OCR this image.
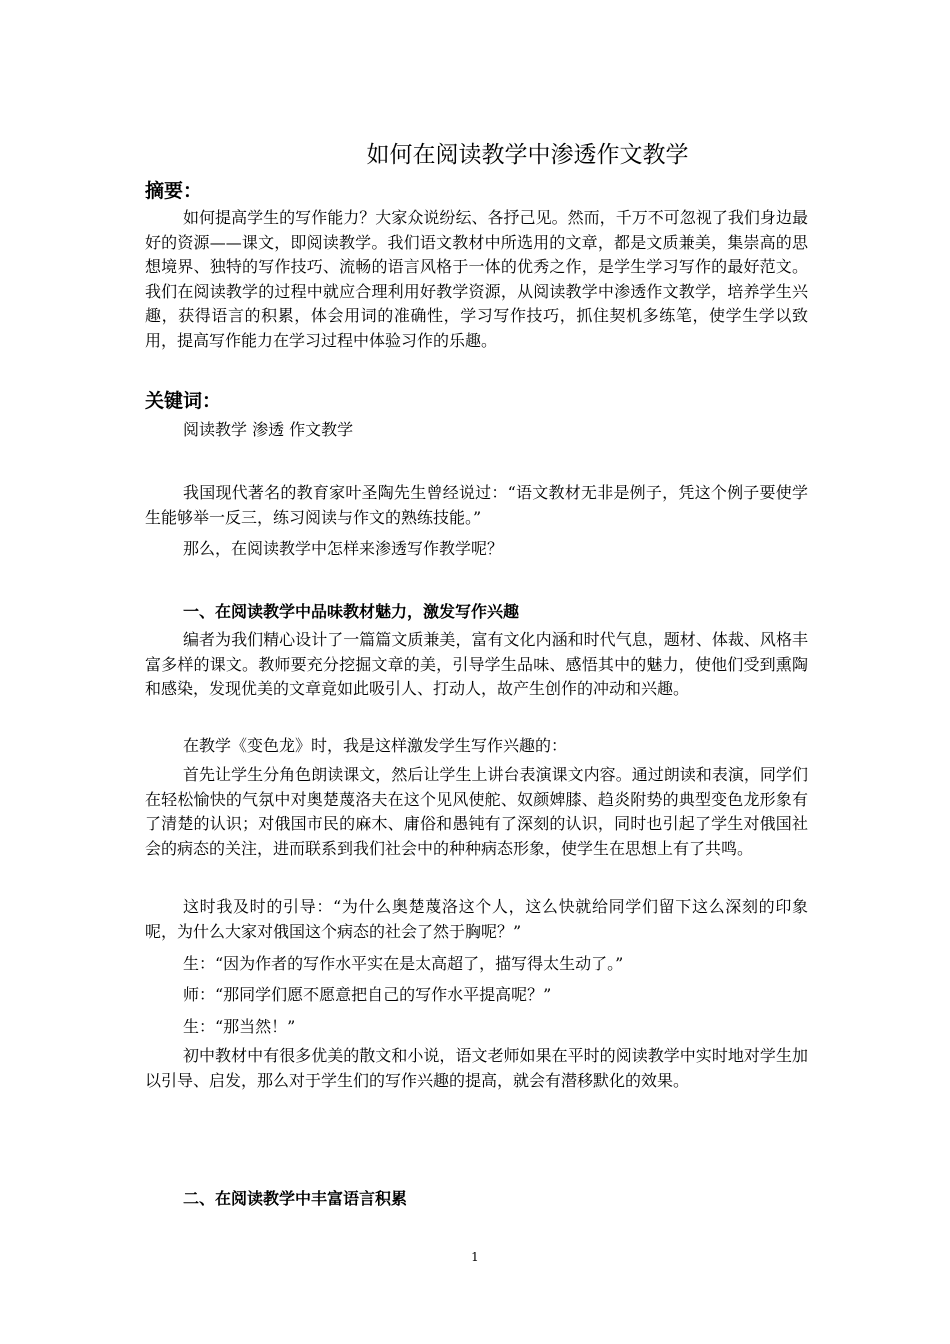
如何在阅读教学中渗透作文教学
摘要：

如何提高学生的写作能力？大家众说纷纭、各抒己见。然而，千万不可忽视了我们身边最好的资源——课文，即阅读教学。我们语文教材中所选用的文章，都是文质兼美，集崇高的思想境界、独特的写作技巧、流畅的语言风格于一体的优秀之作，是学生学习写作的最好范文。我们在阅读教学的过程中就应合理利用好教学资源，从阅读教学中渗透作文教学，培养学生兴趣，获得语言的积累，体会用词的准确性，学习写作技巧，抓住契机多练笔，使学生学以致用，提高写作能力在学习过程中体验习作的乐趣。

关键词：

阅读教学 渗透 作文教学

我国现代著名的教育家叶圣陶先生曾经说过：“语文教材无非是例子，凭这个例子要使学生能够举一反三，练习阅读与作文的熟练技能。”

那么，在阅读教学中怎样来渗透写作教学呢？

一、在阅读教学中品味教材魅力，激发写作兴趣

编者为我们精心设计了一篇篇文质兼美，富有文化内涵和时代气息，题材、体裁、风格丰富多样的课文。教师要充分挖掘文章的美，引导学生品味、感悟其中的魅力，使他们受到熏陶和感染，发现优美的文章竟如此吸引人、打动人，故产生创作的冲动和兴趣。

在教学《变色龙》时，我是这样激发学生写作兴趣的：

首先让学生分角色朗读课文，然后让学生上讲台表演课文内容。通过朗读和表演，同学们在轻松愉快的气氛中对奥楚蔑洛夫在这个见风使舵、奴颜婢膝、趋炎附势的典型变色龙形象有了清楚的认识；对俄国市民的麻木、庸俗和愚钝有了深刻的认识，同时也引起了学生对俄国社会的病态的关注，进而联系到我们社会中的种种病态形象，使学生在思想上有了共鸣。

这时我及时的引导：“为什么奥楚蔑洛这个人，这么快就给同学们留下这么深刻的印象呢，为什么大家对俄国这个病态的社会了然于胸呢？”

生：“因为作者的写作水平实在是太高超了，描写得太生动了。”

师：“那同学们愿不愿意把自己的写作水平提高呢？”

生：“那当然！”

初中教材中有很多优美的散文和小说，语文老师如果在平时的阅读教学中实时地对学生加以引导、启发，那么对于学生们的写作兴趣的提高，就会有潜移默化的效果。

二、在阅读教学中丰富语言积累

1
